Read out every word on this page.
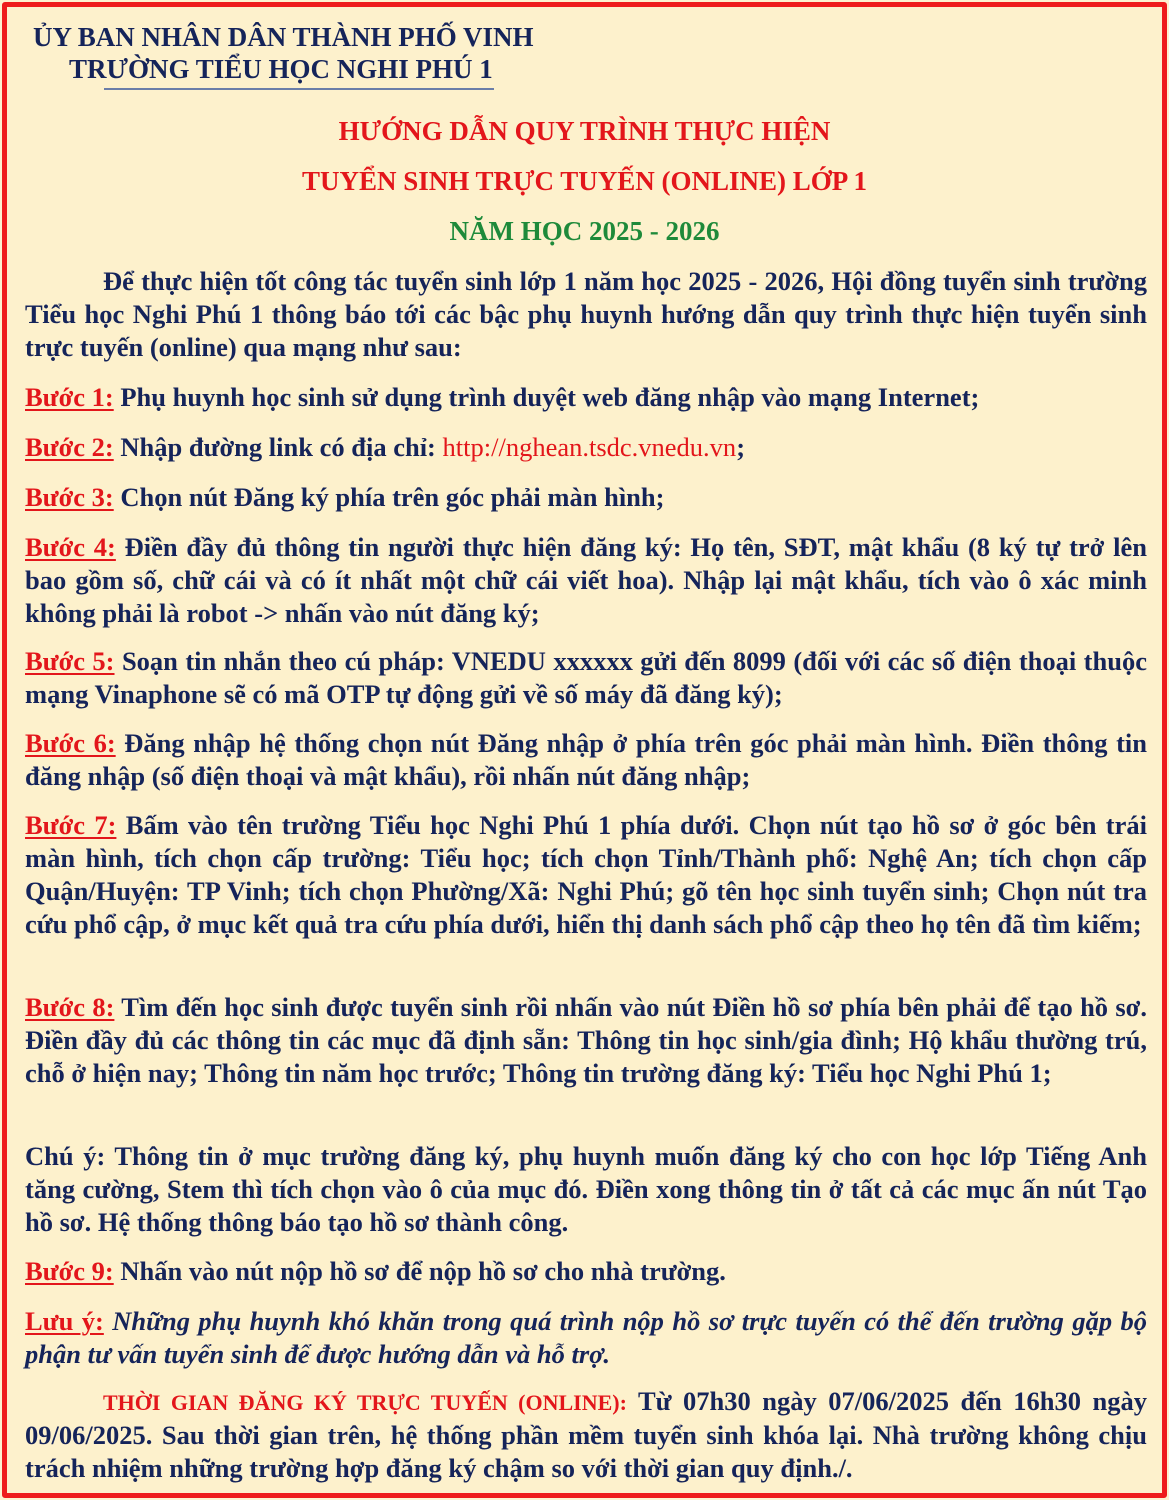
ỦY BAN NHÂN DÂN THÀNH PHỐ VINH
TRƯỜNG TIỂU HỌC NGHI PHÚ 1
HƯỚNG DẪN QUY TRÌNH THỰC HIỆN
TUYỂN SINH TRỰC TUYẾN (ONLINE) LỚP 1
NĂM HỌC 2025 - 2026
Để thực hiện tốt công tác tuyển sinh lớp 1 năm học 2025 - 2026, Hội đồng tuyển sinh trường Tiểu học Nghi Phú 1 thông báo tới các bậc phụ huynh hướng dẫn quy trình thực hiện tuyển sinh trực tuyến (online) qua mạng như sau:
Bước 1: Phụ huynh học sinh sử dụng trình duyệt web đăng nhập vào mạng Internet;
Bước 2: Nhập đường link có địa chỉ: http://nghean.tsdc.vnedu.vn;
Bước 3: Chọn nút Đăng ký phía trên góc phải màn hình;
Bước 4: Điền đầy đủ thông tin người thực hiện đăng ký: Họ tên, SĐT, mật khẩu (8 ký tự trở lên bao gồm số, chữ cái và có ít nhất một chữ cái viết hoa). Nhập lại mật khẩu, tích vào ô xác minh không phải là robot -> nhấn vào nút đăng ký;
Bước 5: Soạn tin nhắn theo cú pháp: VNEDU xxxxxx gửi đến 8099 (đối với các số điện thoại thuộc mạng Vinaphone sẽ có mã OTP tự động gửi về số máy đã đăng ký);
Bước 6: Đăng nhập hệ thống chọn nút Đăng nhập ở phía trên góc phải màn hình. Điền thông tin đăng nhập (số điện thoại và mật khẩu), rồi nhấn nút đăng nhập;
Bước 7: Bấm vào tên trường Tiểu học Nghi Phú 1 phía dưới. Chọn nút tạo hồ sơ ở góc bên trái màn hình, tích chọn cấp trường: Tiểu học; tích chọn Tỉnh/Thành phố: Nghệ An; tích chọn cấp Quận/Huyện: TP Vinh; tích chọn Phường/Xã: Nghi Phú; gõ tên học sinh tuyển sinh; Chọn nút tra cứu phổ cập, ở mục kết quả tra cứu phía dưới, hiển thị danh sách phổ cập theo họ tên đã tìm kiếm;
Bước 8: Tìm đến học sinh được tuyển sinh rồi nhấn vào nút Điền hồ sơ phía bên phải để tạo hồ sơ. Điền đầy đủ các thông tin các mục đã định sẵn: Thông tin học sinh/gia đình; Hộ khẩu thường trú, chỗ ở hiện nay; Thông tin năm học trước; Thông tin trường đăng ký: Tiểu học Nghi Phú 1;
Chú ý: Thông tin ở mục trường đăng ký, phụ huynh muốn đăng ký cho con học lớp Tiếng Anh tăng cường, Stem thì tích chọn vào ô của mục đó. Điền xong thông tin ở tất cả các mục ấn nút Tạo hồ sơ. Hệ thống thông báo tạo hồ sơ thành công.
Bước 9: Nhấn vào nút nộp hồ sơ để nộp hồ sơ cho nhà trường.
Lưu ý: Những phụ huynh khó khăn trong quá trình nộp hồ sơ trực tuyến có thể đến trường gặp bộ phận tư vấn tuyển sinh để được hướng dẫn và hỗ trợ.
THỜI GIAN ĐĂNG KÝ TRỰC TUYẾN (ONLINE): Từ 07h30 ngày 07/06/2025 đến 16h30 ngày 09/06/2025. Sau thời gian trên, hệ thống phần mềm tuyển sinh khóa lại. Nhà trường không chịu trách nhiệm những trường hợp đăng ký chậm so với thời gian quy định./.
